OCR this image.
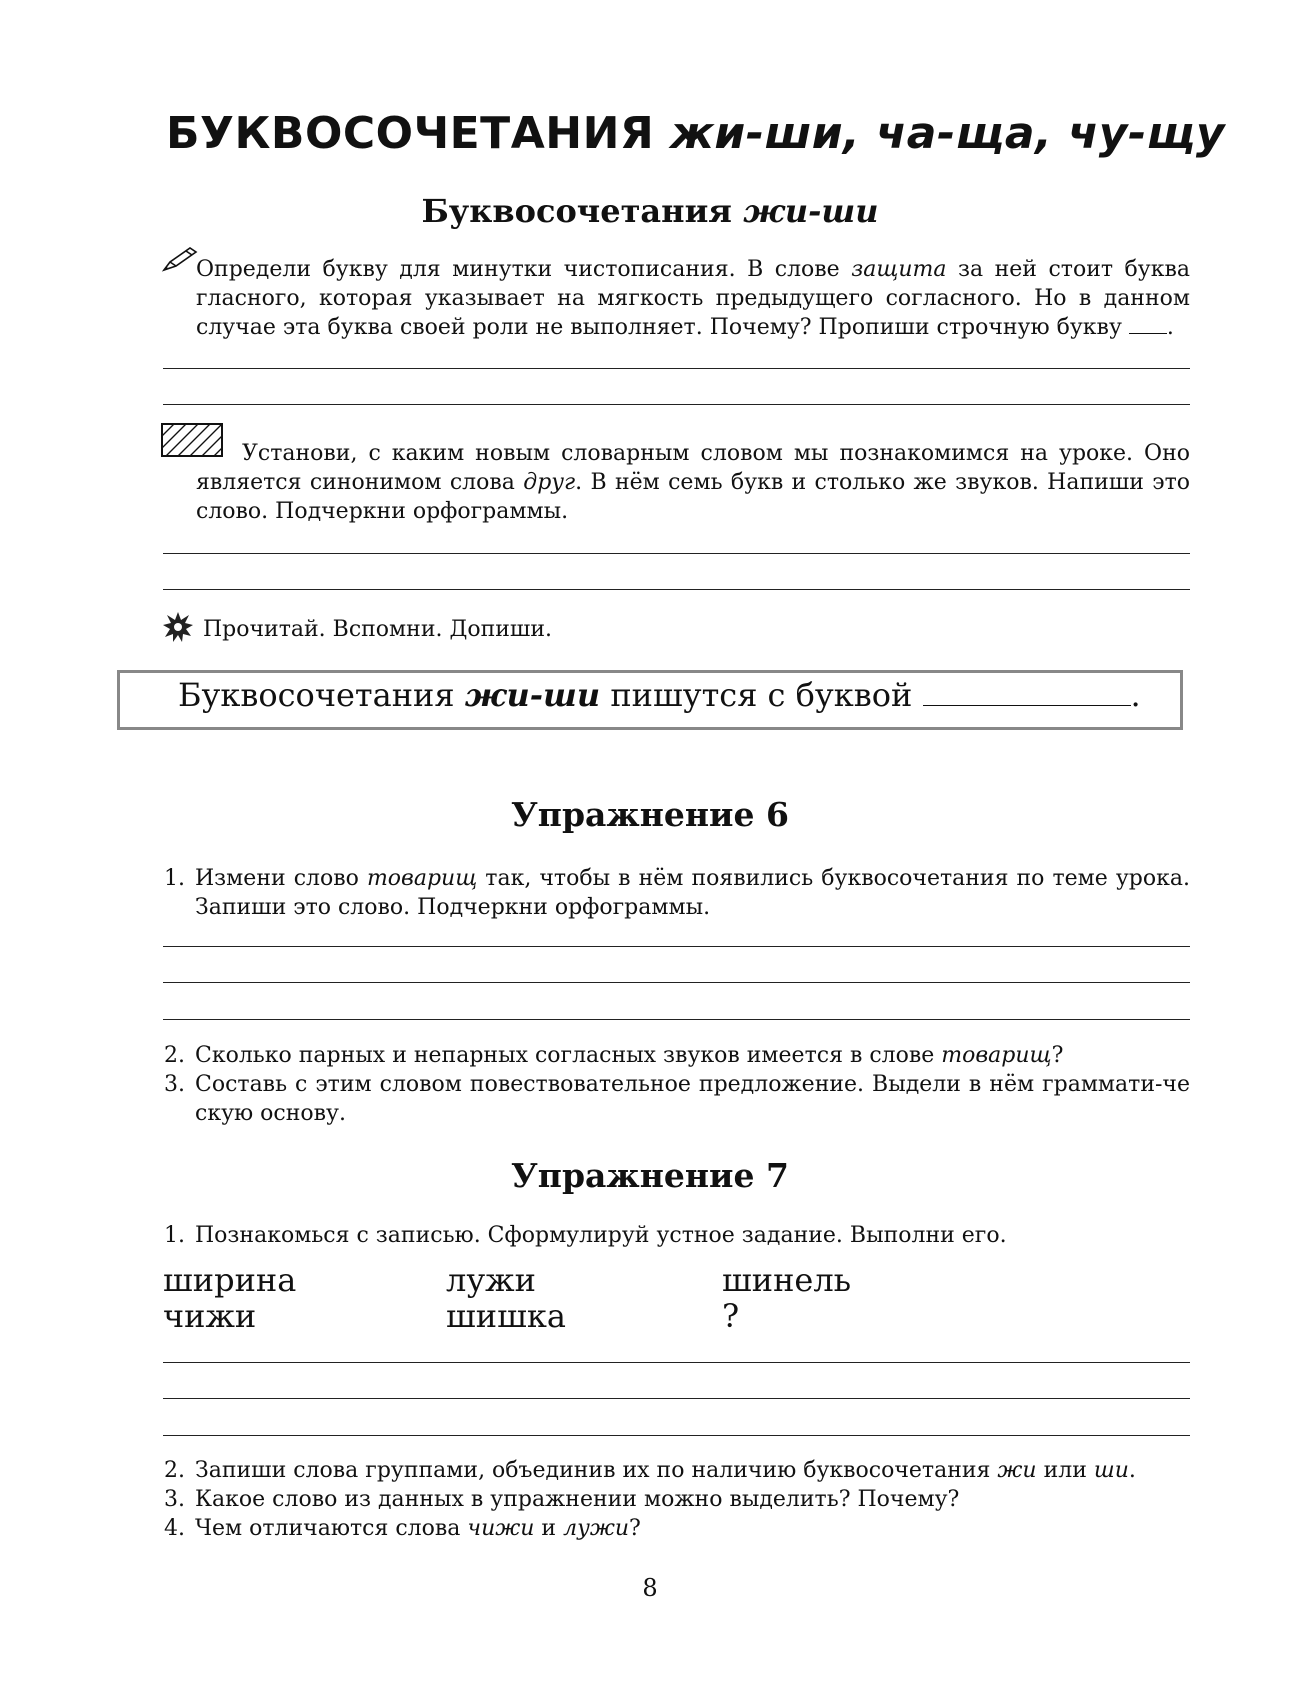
БУКВОСОЧЕТАНИЯ жи-ши, ча-ща, чу-щу
Буквосочетания жи-ши
Определи букву для минутки чистописания. В слове защита за ней стоит буква гласного, которая указывает на мягкость предыдущего согласного. Но в данном случае эта буква своей роли не выполняет. Почему? Пропиши строчную букву .
Установи, с каким новым словарным словом мы познакомимся на уроке. Оно является синонимом слова друг. В нём семь букв и столько же звуков. Напиши это слово. Подчеркни орфограммы.
Прочитай. Вспомни. Допиши.
Буквосочетания жи-ши пишутся с буквой	.
Упражнение 6
1. Измени слово товарищ так, чтобы в нём появились буквосочетания по теме урока. Запиши это слово. Подчеркни орфограммы.
2. Сколько парных и непарных согласных звуков имеется в слове товарищ?
3. Составь с этим словом повествовательное предложение. Выдели в нём граммати-ческую основу.
Упражнение 7
1. Познакомься с записью. Сформулируй устное задание. Выполни его.
ширина	лужи	шинель
чижи	шишка	?
2. Запиши слова группами, объединив их по наличию буквосочетания жи или ши.
3. Какое слово из данных в упражнении можно выделить? Почему?
4. Чем отличаются слова чижи и лужи?
8
